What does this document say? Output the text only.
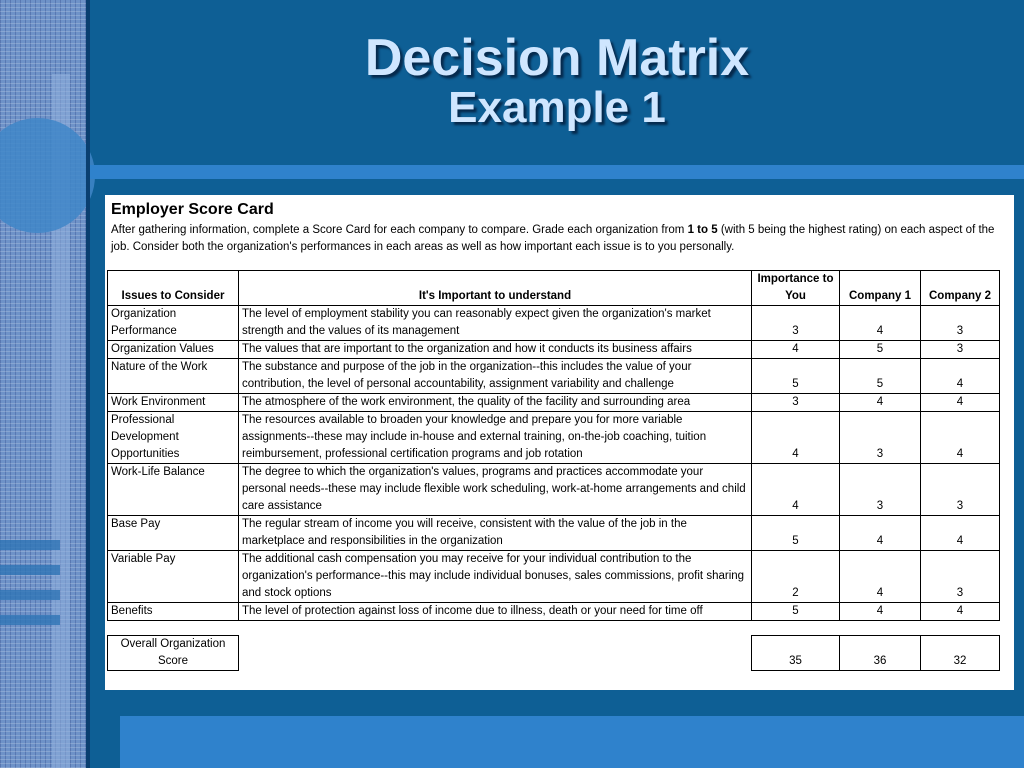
Decision Matrix
Example 1
Employer Score Card
After gathering information, complete a Score Card for each company to compare. Grade each organization from 1 to 5 (with 5 being the highest rating) on each aspect of the job. Consider both the organization's performances in each areas as well as how important each issue is to you personally.
Issues to Consider	It's Important to understand	Importance to You	Company 1	Company 2
Organization Performance	The level of employment stability you can reasonably expect given the organization's market strength and the values of its management	3	4	3
Organization Values	The values that are important to the organization and how it conducts its business affairs	4	5	3
Nature of the Work	The substance and purpose of the job in the organization--this includes the value of your contribution, the level of personal accountability, assignment variability and challenge	5	5	4
Work Environment	The atmosphere of the work environment, the quality of the facility and surrounding area	3	4	4
Professional Development Opportunities	The resources available to broaden your knowledge and prepare you for more variable assignments--these may include in-house and external training, on-the-job coaching, tuition reimbursement, professional certification programs and job rotation	4	3	4
Work-Life Balance	The degree to which the organization's values, programs and practices accommodate your personal needs--these may include flexible work scheduling, work-at-home arrangements and child care assistance	4	3	3
Base Pay	The regular stream of income you will receive, consistent with the value of the job in the marketplace and responsibilities in the organization	5	4	4
Variable Pay	The additional cash compensation you may receive for your individual contribution to the organization's performance--this may include individual bonuses, sales commissions, profit sharing and stock options	2	4	3
Benefits	The level of protection against loss of income due to illness, death or your need for time off	5	4	4

Overall Organization Score		35	36	32
